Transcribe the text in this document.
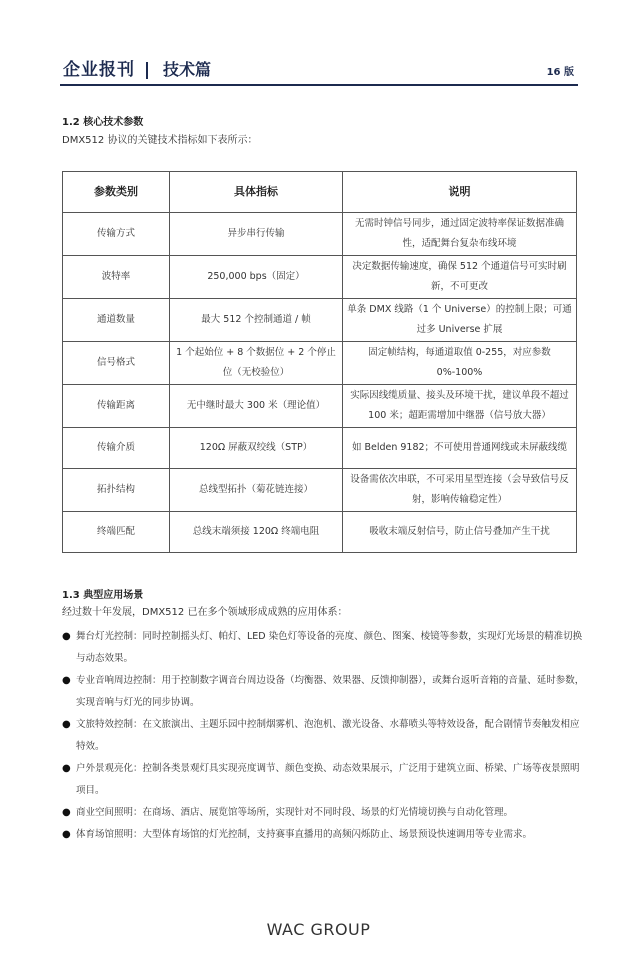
企业报刊 技术篇	16 版
1.2 核心技术参数
DMX512 协议的关键技术指标如下表所示：
参数类别	具体指标	说明
传输方式	异步串行传输	无需时钟信号同步，通过固定波特率保证数据准确性，适配舞台复杂布线环境
波特率	250,000 bps（固定）	决定数据传输速度，确保 512 个通道信号可实时刷新，不可更改
通道数量	最大 512 个控制通道 / 帧	单条 DMX 线路（1 个 Universe）的控制上限；可通过多 Universe 扩展
信号格式	1 个起始位 + 8 个数据位 + 2 个停止位（无校验位）	固定帧结构，每通道取值 0-255，对应参数 0%-100%
传输距离	无中继时最大 300 米（理论值）	实际因线缆质量、接头及环境干扰，建议单段不超过 100 米；超距需增加中继器（信号放大器）
传输介质	120Ω 屏蔽双绞线（STP）	如 Belden 9182；不可使用普通网线或未屏蔽线缆
拓扑结构	总线型拓扑（菊花链连接）	设备需依次串联，不可采用星型连接（会导致信号反射，影响传输稳定性）
终端匹配	总线末端须接 120Ω 终端电阻	吸收末端反射信号，防止信号叠加产生干扰
1.3 典型应用场景
经过数十年发展，DMX512 已在多个领域形成成熟的应用体系：
● 舞台灯光控制：同时控制摇头灯、帕灯、LED 染色灯等设备的亮度、颜色、图案、棱镜等参数，实现灯光场景的精准切换与动态效果。
● 专业音响周边控制：用于控制数字调音台周边设备（均衡器、效果器、反馈抑制器），或舞台返听音箱的音量、延时参数，实现音响与灯光的同步协调。
● 文旅特效控制：在文旅演出、主题乐园中控制烟雾机、泡泡机、激光设备、水幕喷头等特效设备，配合剧情节奏触发相应特效。
● 户外景观亮化：控制各类景观灯具实现亮度调节、颜色变换、动态效果展示，广泛用于建筑立面、桥梁、广场等夜景照明项目。
● 商业空间照明：在商场、酒店、展览馆等场所，实现针对不同时段、场景的灯光情境切换与自动化管理。
● 体育场馆照明：大型体育场馆的灯光控制，支持赛事直播用的高频闪烁防止、场景预设快速调用等专业需求。
WAC GROUP
